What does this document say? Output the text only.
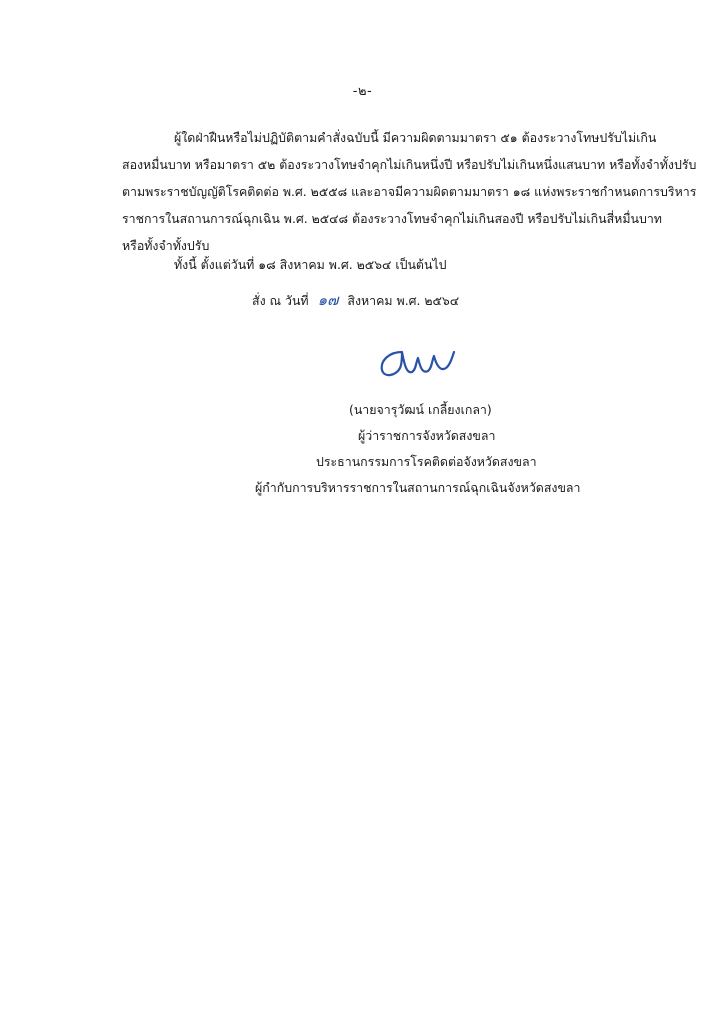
-๒-
ผู้ใดฝ่าฝืนหรือไม่ปฏิบัติตามคำสั่งฉบับนี้ มีความผิดตามมาตรา ๕๑ ต้องระวางโทษปรับไม่เกิน
สองหมื่นบาท หรือมาตรา ๕๒ ต้องระวางโทษจำคุกไม่เกินหนึ่งปี หรือปรับไม่เกินหนึ่งแสนบาท หรือทั้งจำทั้งปรับ
ตามพระราชบัญญัติโรคติดต่อ พ.ศ. ๒๕๕๘ และอาจมีความผิดตามมาตรา ๑๘ แห่งพระราชกำหนดการบริหาร
ราชการในสถานการณ์ฉุกเฉิน พ.ศ. ๒๕๔๘ ต้องระวางโทษจำคุกไม่เกินสองปี หรือปรับไม่เกินสี่หมื่นบาท
หรือทั้งจำทั้งปรับ
ทั้งนี้ ตั้งแต่วันที่ ๑๘ สิงหาคม พ.ศ. ๒๕๖๔ เป็นต้นไป
สั่ง ณ วันที่ ๑๗ สิงหาคม พ.ศ. ๒๕๖๔
(นายจารุวัฒน์ เกลี้ยงเกลา)
ผู้ว่าราชการจังหวัดสงขลา
ประธานกรรมการโรคติดต่อจังหวัดสงขลา
ผู้กำกับการบริหารราชการในสถานการณ์ฉุกเฉินจังหวัดสงขลา
